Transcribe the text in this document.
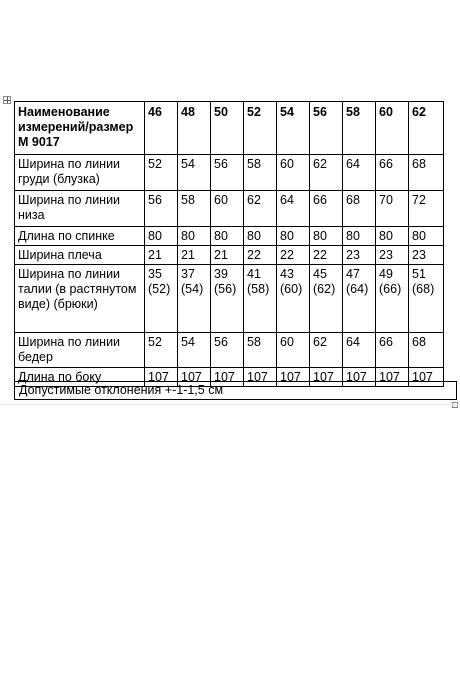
Наименование измерений/размер М 9017	46	48	50	52	54	56	58	60	62
Ширина по линии груди (блузка)	52	54	56	58	60	62	64	66	68
Ширина по линии низа	56	58	60	62	64	66	68	70	72
Длина по спинке	80	80	80	80	80	80	80	80	80
Ширина плеча	21	21	21	22	22	22	23	23	23
Ширина по линии талии (в растянутом виде) (брюки)	35 (52)	37 (54)	39 (56)	41 (58)	43 (60)	45 (62)	47 (64)	49 (66)	51 (68)
Ширина по линии бедер	52	54	56	58	60	62	64	66	68
Длина по боку	107	107	107	107	107	107	107	107	107
Допустимые отклонения +-1-1,5 см
